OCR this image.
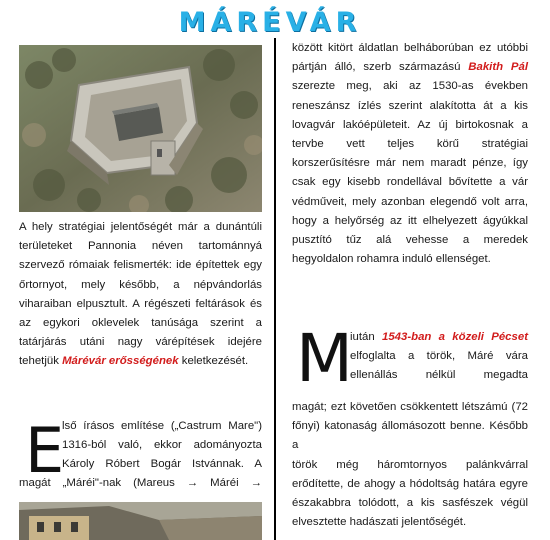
MÁRÉVÁR
A hely stratégiai jelentőségét már a dunántúli
területeket Pannonia néven tartománnyá
szervező rómaiak felismerték: ide építettek egy
őrtornyot, mely később, a népvándorlás
viharaiban elpusztult. A régészeti feltárások és
az egykori oklevelek tanúsága szerint a
tatárjárás utáni nagy várépítések idejére
tehetjük Márévár erősségének keletkezését.
E
lső írásos említése („Castrum Mare")
1316-ból való, ekkor adományozta
Károly Róbert Bogár Istvánnak. A
magát „Máréi"-nak (Mareus → Máréi →
között kitört áldatlan belháborúban ez utóbbi
pártján álló, szerb származású Bakith Pál
szerezte meg, aki az 1530-as években
reneszánsz ízlés szerint alakította át a kis
lovagvár lakóépületeit. Az új birtokosnak a
tervbe vett teljes körű stratégiai
korszerűsítésre már nem maradt pénze, így
csak egy kisebb rondellával bővítette a vár
védműveit, mely azonban elegendő volt arra,
hogy a helyőrség az itt elhelyezett ágyúkkal
pusztító tűz alá vehesse a meredek
hegyoldalon rohamra induló ellenséget.
M
iután 1543-ban a közeli Pécset
elfoglalta a török, Máré vára
ellenállás nélkül megadta
magát; ezt követően csökkentett létszámú (72
főnyi) katonaság állomásozott benne. Később a
török még háromtornyos palánkvárral
erődítette, de ahogy a hódoltság határa egyre
északabbra tolódott, a kis sasfészek végül
elvesztette hadászati jelentőségét.
